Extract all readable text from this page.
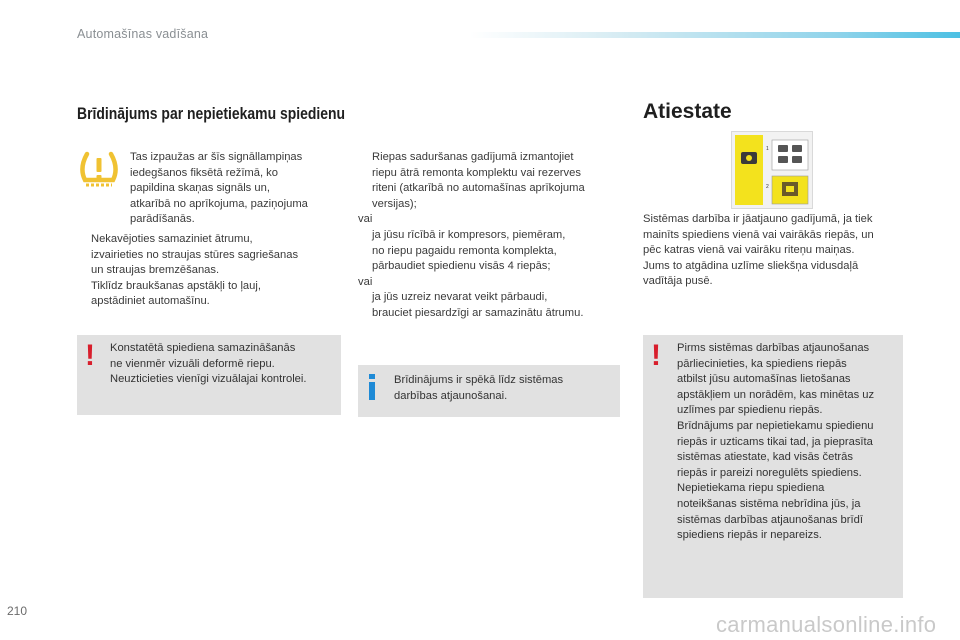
Automašīnas vadīšana
Brīdinājums par nepietiekamu spiedienu
Tas izpaužas ar šīs signāllampiņas
iedegšanos fiksētā režīmā, ko
papildina skaņas signāls un,
atkarībā no aprīkojuma, paziņojuma
parādīšanās.
Nekavējoties samaziniet ātrumu,
izvairieties no straujas stūres sagriešanas
un straujas bremzēšanas.
Tiklīdz braukšanas apstākļi to ļauj,
apstādiniet automašīnu.
! Konstatētā spiediena samazināšanās
ne vienmēr vizuāli deformē riepu.
Neuzticieties vienīgi vizuālajai kontrolei.
Riepas saduršanas gadījumā izmantojiet
riepu ātrā remonta komplektu vai rezerves
riteni (atkarībā no automašīnas aprīkojuma
versijas);
vai
ja jūsu rīcībā ir kompresors, piemēram,
no riepu pagaidu remonta komplekta,
pārbaudiet spiedienu visās 4 riepās;
vai
ja jūs uzreiz nevarat veikt pārbaudi,
brauciet piesardzīgi ar samazinātu ātrumu.
Brīdinājums ir spēkā līdz sistēmas
darbības atjaunošanai.
Atiestate
1
2
Sistēmas darbība ir jāatjauno gadījumā, ja tiek
mainīts spiediens vienā vai vairākās riepās, un
pēc katras vienā vai vairāku riteņu maiņas.
Jums to atgādina uzlīme sliekšņa vidusdaļā
vadītāja pusē.
! Pirms sistēmas darbības atjaunošanas
pārliecinieties, ka spiediens riepās
atbilst jūsu automašīnas lietošanas
apstākļiem un norādēm, kas minētas uz
uzlīmes par spiedienu riepās.
Brīdnājums par nepietiekamu spiedienu
riepās ir uzticams tikai tad, ja pieprasīta
sistēmas atiestate, kad visās četrās
riepās ir pareizi noregulēts spiediens.
Nepietiekama riepu spiediena
noteikšanas sistēma nebrīdina jūs, ja
sistēmas darbības atjaunošanas brīdī
spiediens riepās ir nepareizs.
210
carmanualsonline.info
